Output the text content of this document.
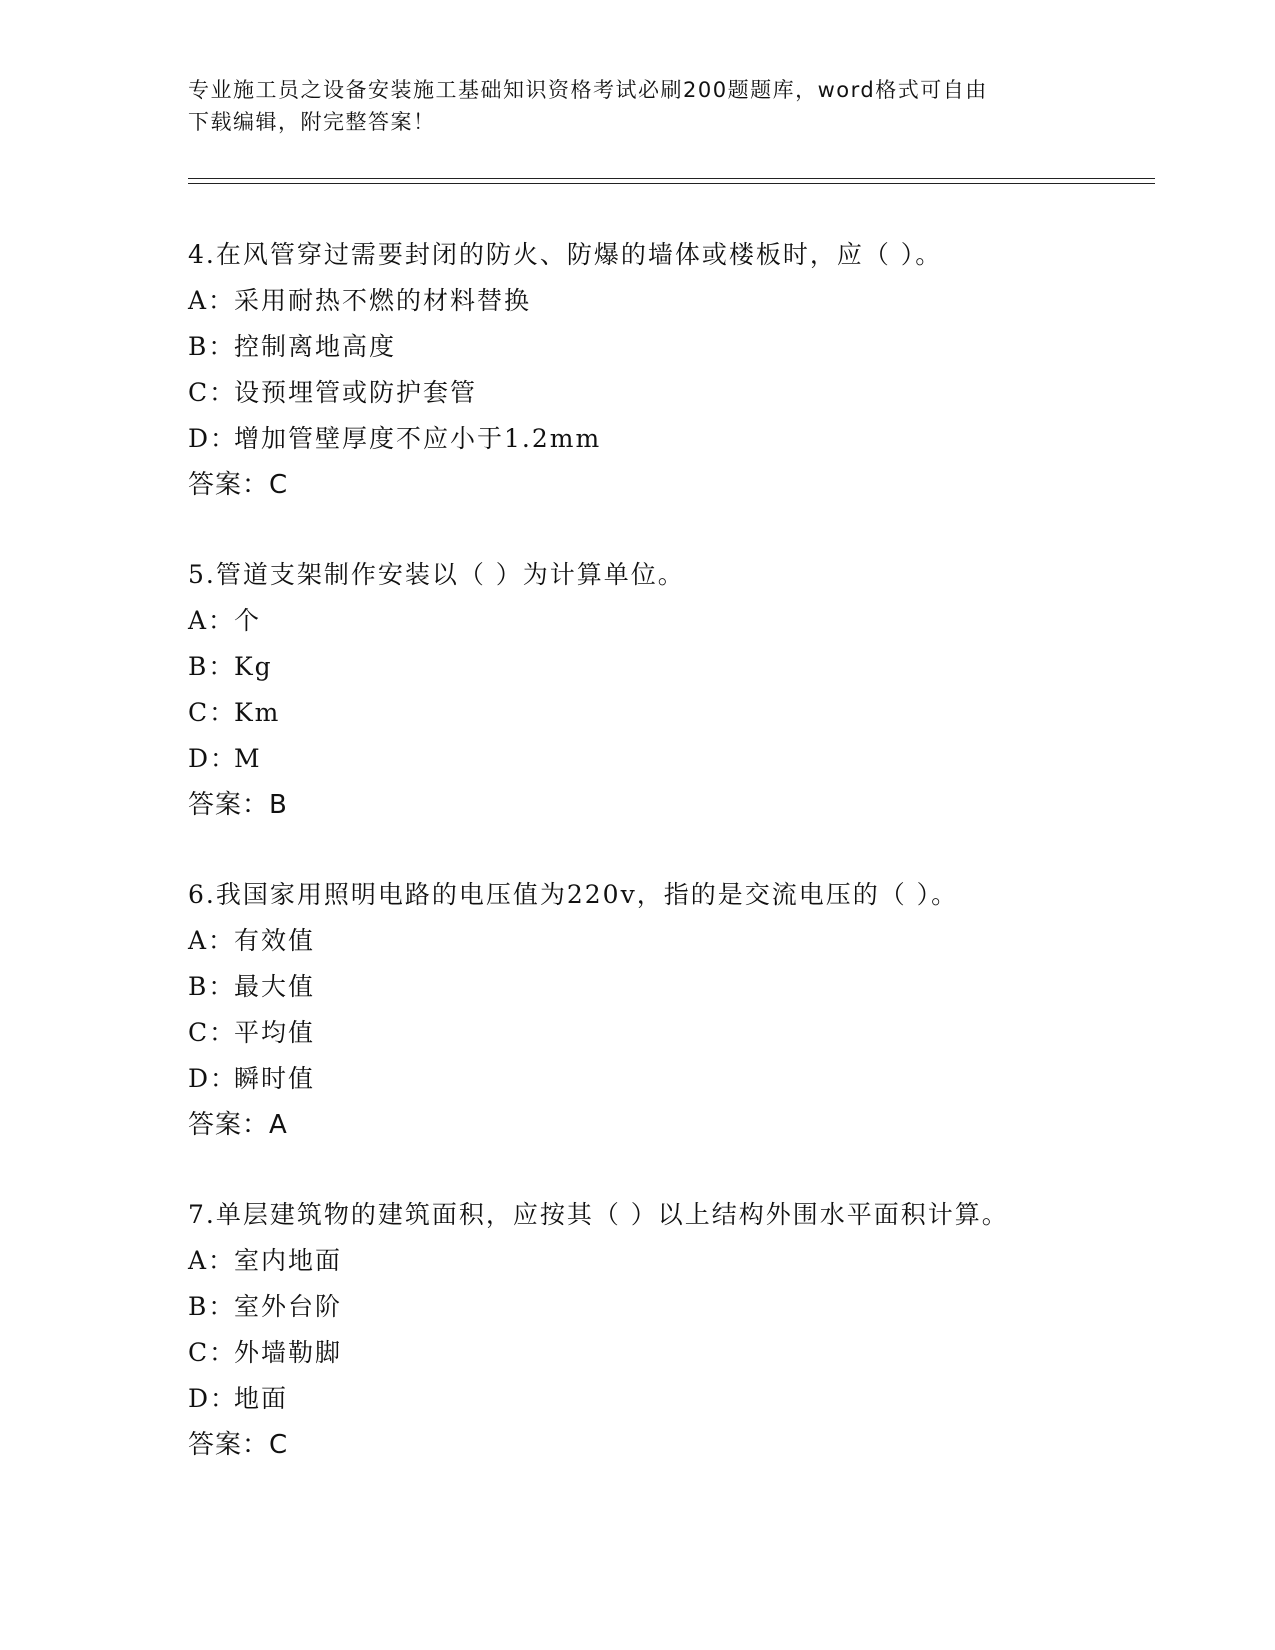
专业施工员之设备安装施工基础知识资格考试必刷200题题库，word格式可自由
下载编辑，附完整答案！
4.在风管穿过需要封闭的防火、防爆的墙体或楼板时，应（ ）。
A：采用耐热不燃的材料替换
B：控制离地高度
C：设预埋管或防护套管
D：增加管壁厚度不应小于1.2mm
答案：C
5.管道支架制作安装以（ ）为计算单位。
A：个
B：Kg
C：Km
D：M
答案：B
6.我国家用照明电路的电压值为220v，指的是交流电压的（ ）。
A：有效值
B：最大值
C：平均值
D：瞬时值
答案：A
7.单层建筑物的建筑面积，应按其（ ）以上结构外围水平面积计算。
A：室内地面
B：室外台阶
C：外墙勒脚
D：地面
答案：C
